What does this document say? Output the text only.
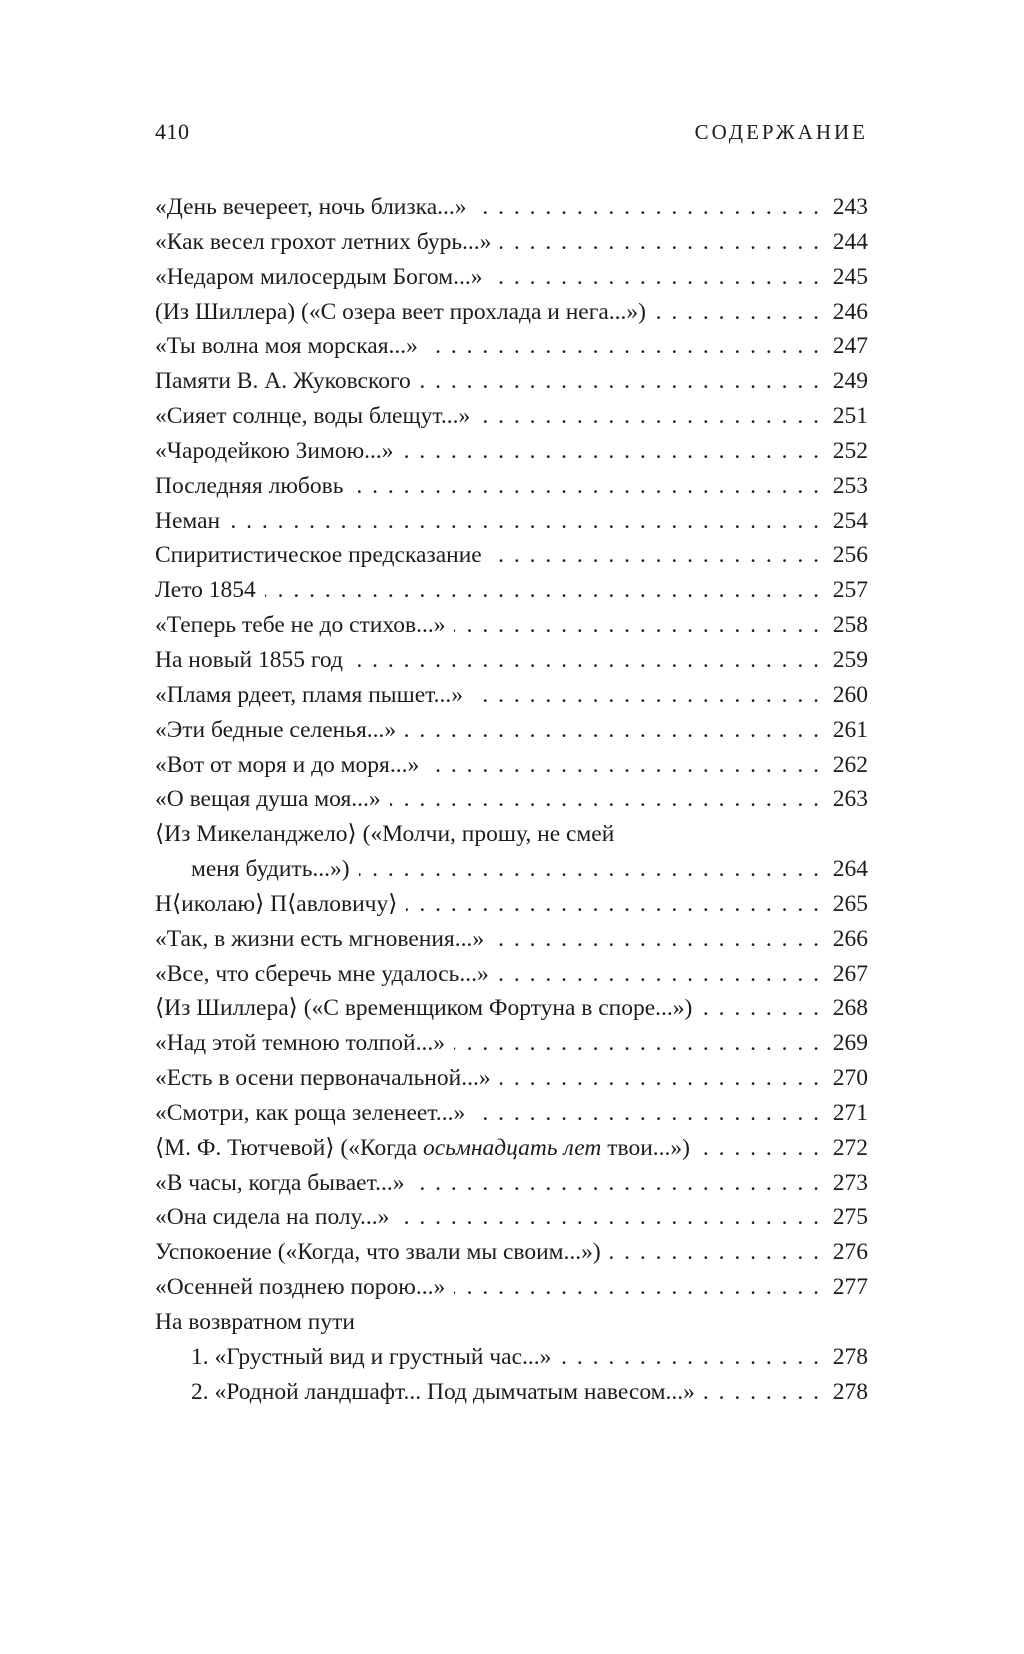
410	СОДЕРЖАНИЕ
«День вечереет, ночь близка...» . . .	243
«Как весел грохот летних бурь...» . . .	244
«Недаром милосердым Богом...» . . .	245
(Из Шиллера) («С озера веет прохлада и нега...») . . .	246
«Ты волна моя морская...» . . .	247
Памяти В. А. Жуковского . . .	249
«Сияет солнце, воды блещут...» . . .	251
«Чародейкою Зимою...» . . .	252
Последняя любовь . . .	253
Неман . . .	254
Спиритистическое предсказание . . .	256
Лето 1854 . . .	257
«Теперь тебе не до стихов...» . . .	258
На новый 1855 год . . .	259
«Пламя рдеет, пламя пышет...» . . .	260
«Эти бедные селенья...» . . .	261
«Вот от моря и до моря...» . . .	262
«О вещая душа моя...» . . .	263
⟨Из Микеланджело⟩ («Молчи, прошу, не смей
меня будить...») . . .	264
Н⟨иколаю⟩ П⟨авловичу⟩ . . .	265
«Так, в жизни есть мгновения...» . . .	266
«Все, что сберечь мне удалось...» . . .	267
⟨Из Шиллера⟩ («С временщиком Фортуна в споре...») . . .	268
«Над этой темною толпой...» . . .	269
«Есть в осени первоначальной...» . . .	270
«Смотри, как роща зеленеет...» . . .	271
⟨М. Ф. Тютчевой⟩ («Когда осьмнадцать лет твои...») . . .	272
«В часы, когда бывает...» . . .	273
«Она сидела на полу...» . . .	275
Успокоение («Когда, что звали мы своим...») . . .	276
«Осенней позднею порою...» . . .	277
На возвратном пути
1. «Грустный вид и грустный час...» . . .	278
2. «Родной ландшафт... Под дымчатым навесом...» . . .	278
